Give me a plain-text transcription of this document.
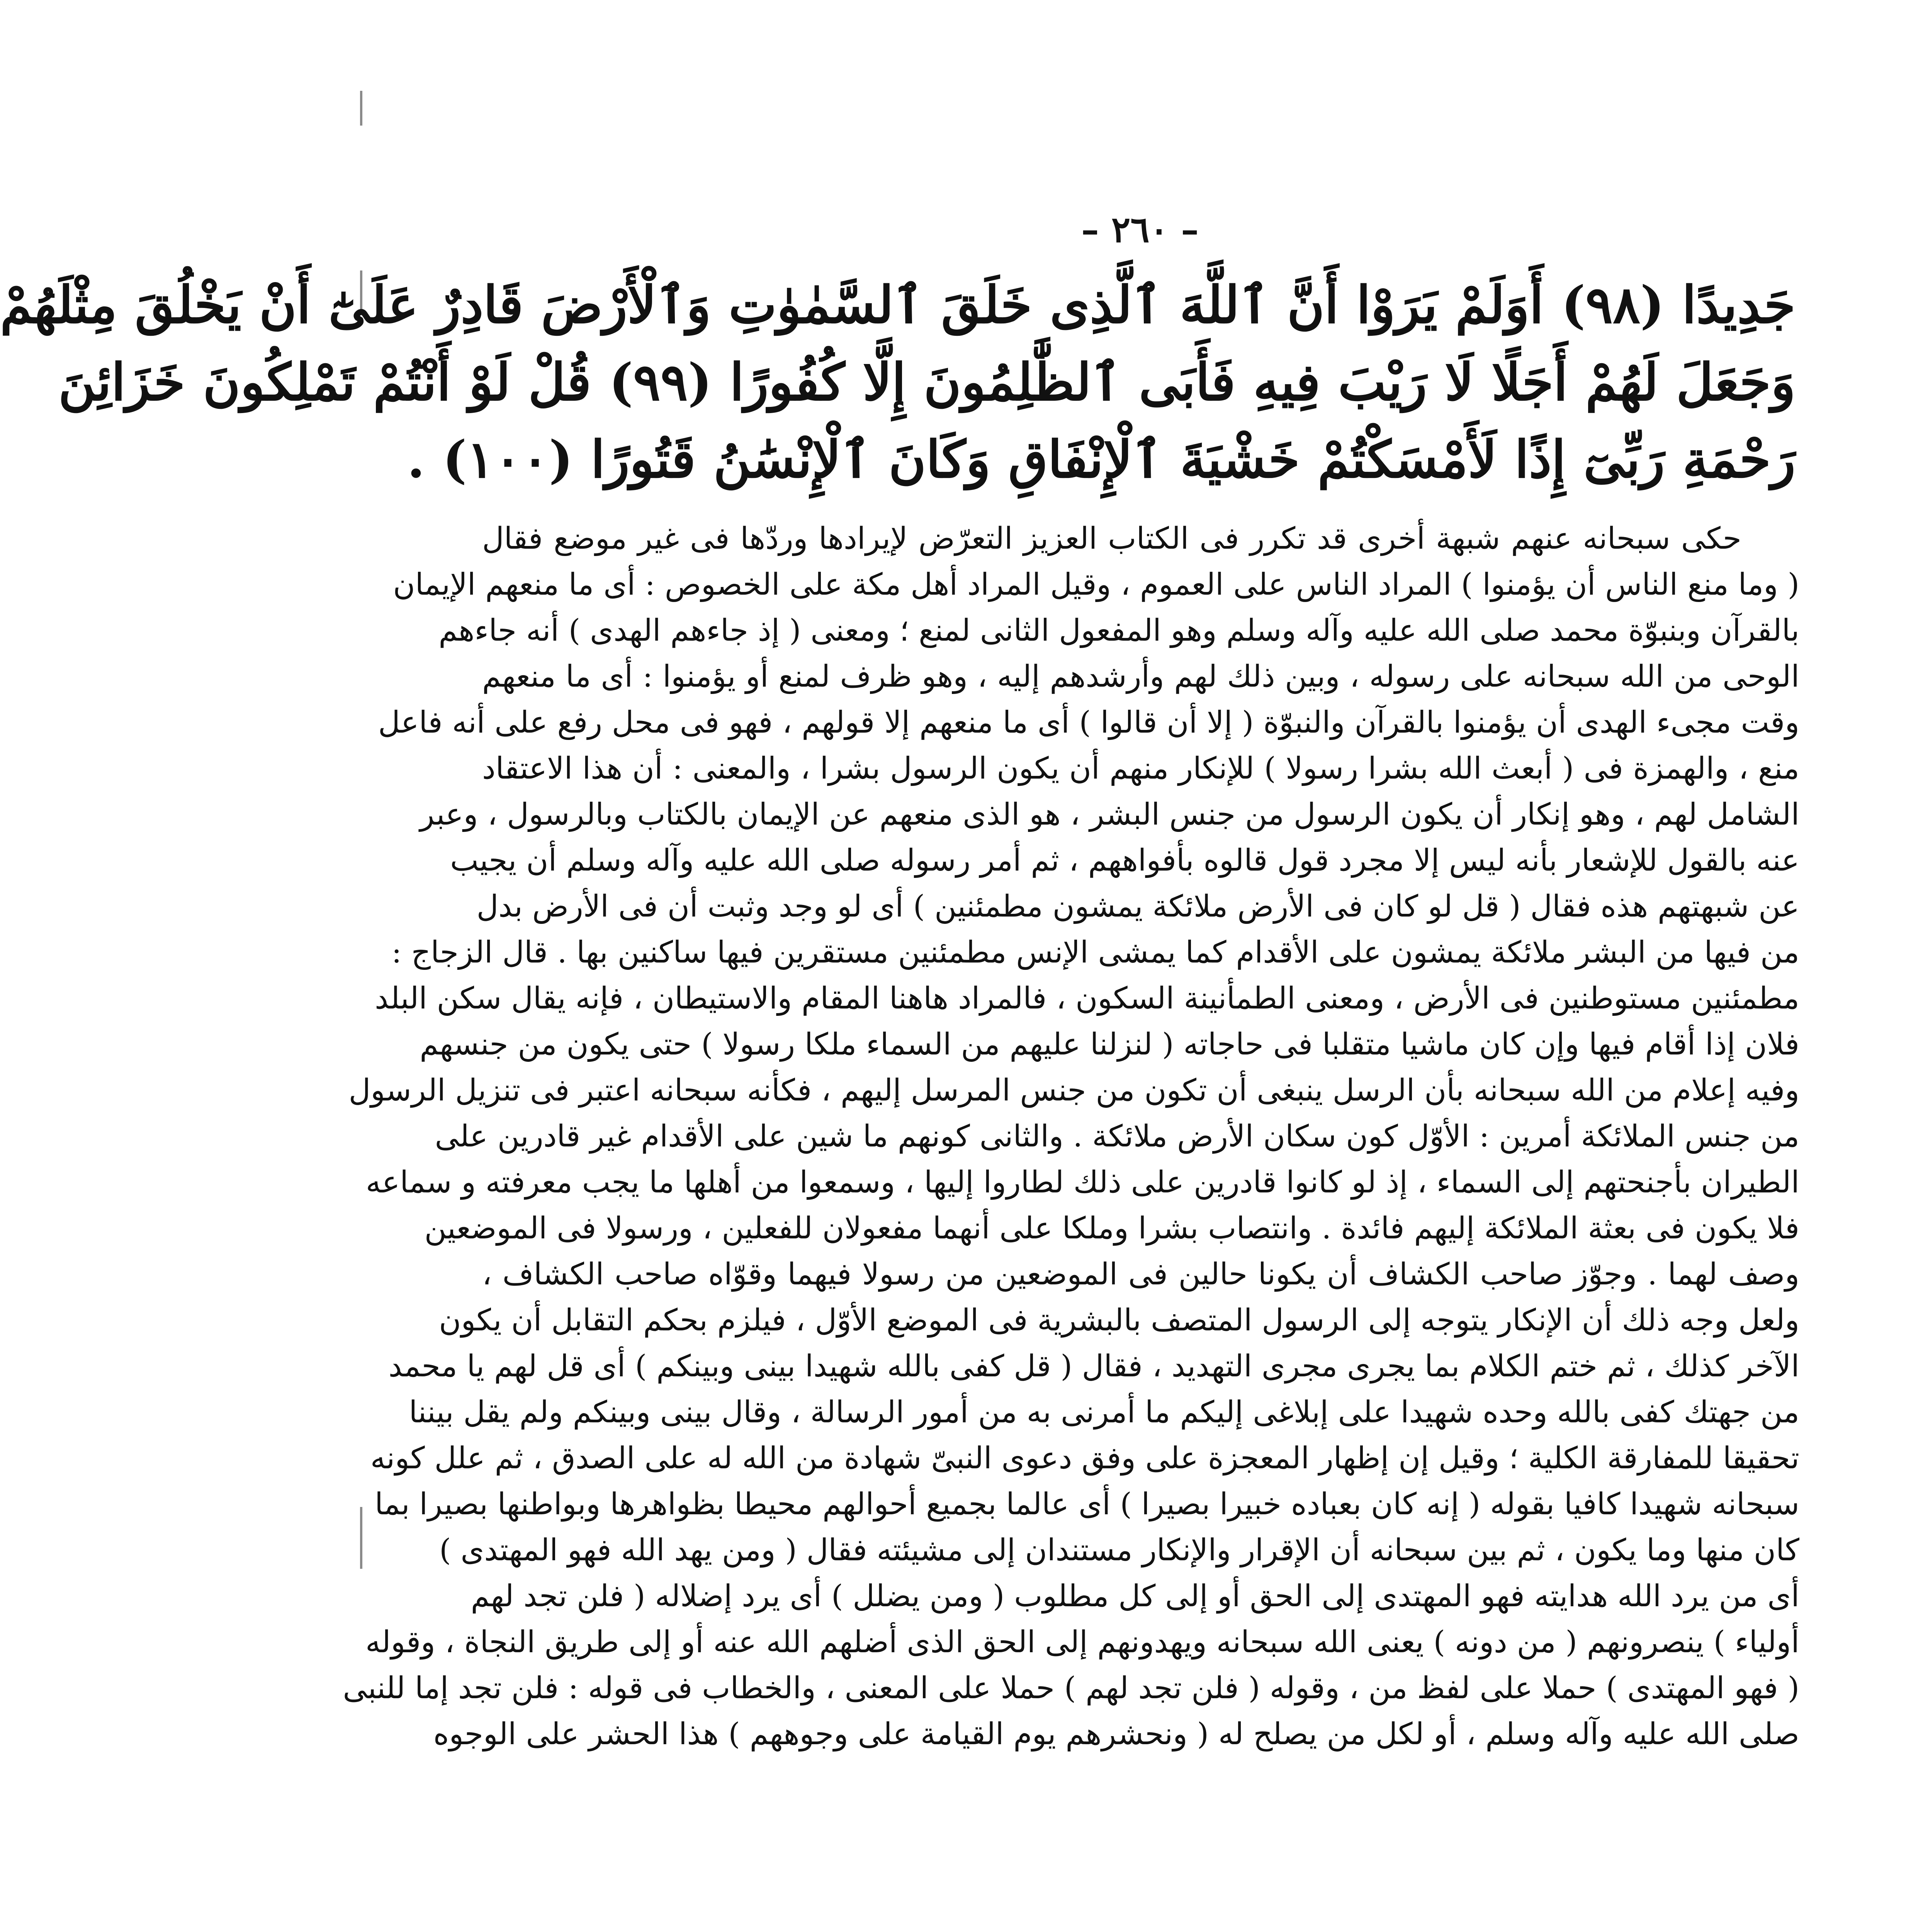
– ٢٦٠ –
جَدِيدًا (٩٨) أَوَلَمْ يَرَوْا أَنَّ ٱللَّهَ ٱلَّذِى خَلَقَ ٱلسَّمٰوٰتِ وَٱلْأَرْضَ قَادِرٌ عَلَىٰٓ أَنْ يَخْلُقَ مِثْلَهُمْ
وَجَعَلَ لَهُمْ أَجَلًا لَا رَيْبَ فِيهِ فَأَبَى ٱلظَّٰلِمُونَ إِلَّا كُفُورًا (٩٩) قُلْ لَوْ أَنْتُمْ تَمْلِكُونَ خَزَائِنَ
رَحْمَةِ رَبِّىٓ إِذًا لَأَمْسَكْتُمْ خَشْيَةَ ٱلْإِنْفَاقِ وَكَانَ ٱلْإِنْسَٰنُ قَتُورًا (١٠٠) .
حكى سبحانه عنهم شبهة أخرى قد تكرر فى الكتاب العزيز التعرّض لإيرادها وردّها فى غير موضع فقال
( وما منع الناس أن يؤمنوا ) المراد الناس على العموم ، وقيل المراد أهل مكة على الخصوص : أى ما منعهم الإيمان
بالقرآن وبنبوّة محمد صلى الله عليه وآله وسلم وهو المفعول الثانى لمنع ؛ ومعنى ( إذ جاءهم الهدى ) أنه جاءهم
الوحى من الله سبحانه على رسوله ، وبين ذلك لهم وأرشدهم إليه ، وهو ظرف لمنع أو يؤمنوا : أى ما منعهم
وقت مجىء الهدى أن يؤمنوا بالقرآن والنبوّة ( إلا أن قالوا ) أى ما منعهم إلا قولهم ، فهو فى محل رفع على أنه فاعل
منع ، والهمزة فى ( أبعث الله بشرا رسولا ) للإنكار منهم أن يكون الرسول بشرا ، والمعنى : أن هذا الاعتقاد
الشامل لهم ، وهو إنكار أن يكون الرسول من جنس البشر ، هو الذى منعهم عن الإيمان بالكتاب وبالرسول ، وعبر
عنه بالقول للإشعار بأنه ليس إلا مجرد قول قالوه بأفواههم ، ثم أمر رسوله صلى الله عليه وآله وسلم أن يجيب
عن شبهتهم هذه فقال ( قل لو كان فى الأرض ملائكة يمشون مطمئنين ) أى لو وجد وثبت أن فى الأرض بدل
من فيها من البشر ملائكة يمشون على الأقدام كما يمشى الإنس مطمئنين مستقرين فيها ساكنين بها . قال الزجاج :
مطمئنين مستوطنين فى الأرض ، ومعنى الطمأنينة السكون ، فالمراد هاهنا المقام والاستيطان ، فإنه يقال سكن البلد
فلان إذا أقام فيها وإن كان ماشيا متقلبا فى حاجاته ( لنزلنا عليهم من السماء ملكا رسولا ) حتى يكون من جنسهم
وفيه إعلام من الله سبحانه بأن الرسل ينبغى أن تكون من جنس المرسل إليهم ، فكأنه سبحانه اعتبر فى تنزيل الرسول
من جنس الملائكة أمرين : الأوّل كون سكان الأرض ملائكة . والثانى كونهم ما شين على الأقدام غير قادرين على
الطيران بأجنحتهم إلى السماء ، إذ لو كانوا قادرين على ذلك لطاروا إليها ، وسمعوا من أهلها ما يجب معرفته و سماعه
فلا يكون فى بعثة الملائكة إليهم فائدة . وانتصاب بشرا وملكا على أنهما مفعولان للفعلين ، ورسولا فى الموضعين
وصف لهما . وجوّز صاحب الكشاف أن يكونا حالين فى الموضعين من رسولا فيهما وقوّاه صاحب الكشاف ،
ولعل وجه ذلك أن الإنكار يتوجه إلى الرسول المتصف بالبشرية فى الموضع الأوّل ، فيلزم بحكم التقابل أن يكون
الآخر كذلك ، ثم ختم الكلام بما يجرى مجرى التهديد ، فقال ( قل كفى بالله شهيدا بينى وبينكم ) أى قل لهم يا محمد
من جهتك كفى بالله وحده شهيدا على إبلاغى إليكم ما أمرنى به من أمور الرسالة ، وقال بينى وبينكم ولم يقل بيننا
تحقيقا للمفارقة الكلية ؛ وقيل إن إظهار المعجزة على وفق دعوى النبىّ شهادة من الله له على الصدق ، ثم علل كونه
سبحانه شهيدا كافيا بقوله ( إنه كان بعباده خبيرا بصيرا ) أى عالما بجميع أحوالهم محيطا بظواهرها وبواطنها بصيرا بما
كان منها وما يكون ، ثم بين سبحانه أن الإقرار والإنكار مستندان إلى مشيئته فقال ( ومن يهد الله فهو المهتدى )
أى من يرد الله هدايته فهو المهتدى إلى الحق أو إلى كل مطلوب ( ومن يضلل ) أى يرد إضلاله ( فلن تجد لهم
أولياء ) ينصرونهم ( من دونه ) يعنى الله سبحانه ويهدونهم إلى الحق الذى أضلهم الله عنه أو إلى طريق النجاة ، وقوله
( فهو المهتدى ) حملا على لفظ من ، وقوله ( فلن تجد لهم ) حملا على المعنى ، والخطاب فى قوله : فلن تجد إما للنبى
صلى الله عليه وآله وسلم ، أو لكل من يصلح له ( ونحشرهم يوم القيامة على وجوههم ) هذا الحشر على الوجوه
